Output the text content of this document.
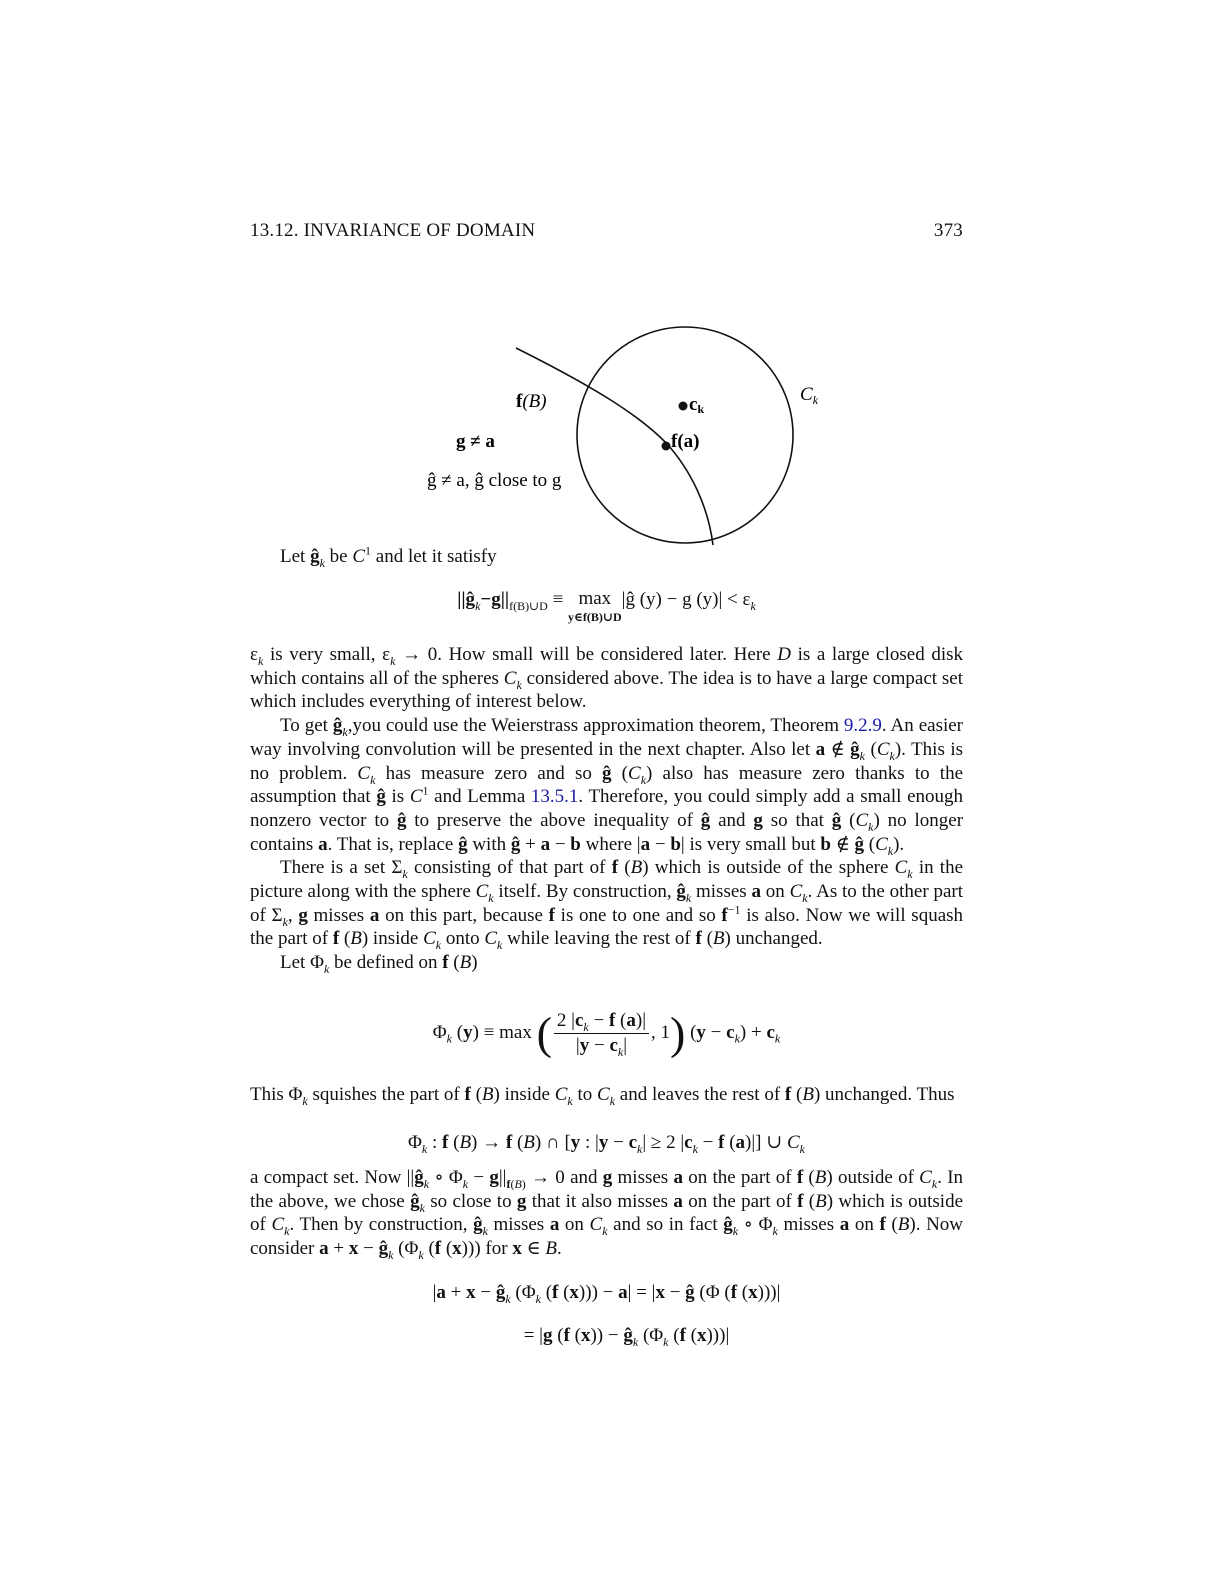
13.12. INVARIANCE OF DOMAIN	373
$C_k$
ck
f(a)
f(B)
g ≠ a
ĝ ≠ a, ĝ close to g

Let $ĝ_k$ be $C^1$ and let it satisfy

$||ĝ_k-g||_{f(B)\cup D} \equiv \max$
y∈f(B)∪D
|ĝ (y) − g $(y)| < \varepsilon_k$

$\varepsilon_k$ is very small, $\varepsilon_k \to 0$. How small will be considered later. Here D is a large closed disk which contains all of the spheres $C_k$ considered above. The idea is to have a large compact set which includes everything of interest below.

To get $ĝ_k,you$ could use the Weierstrass approximation theorem, Theorem 9.2.9. An easier way involving convolution will be presented in the next chapter. Also let a ∉ $ĝ_k$ $(C_k)$. This is no problem. $C_k$ has measure zero and so ĝ $(C_k)$ also has measure zero thanks to the assumption that ĝ is $C^1$ and Lemma 13.5.1. Therefore, you could simply add a small enough nonzero vector to ĝ to preserve the above inequality of ĝ and g so that ĝ $(C_k)$ no longer contains a. That is, replace ĝ with ĝ + a − b where |a − b| is very small but b ∉ ĝ $(C_k)$.

There is a set $\Sigma_k$ consisting of that part of f (B) which is outside of the sphere $C_k$ in the picture along with the sphere $C_k$ itself. By construction, $ĝ_k$ misses a on $C_k$. As to the other part of $\Sigma_k$, g misses a on this part, because f is one to one and so $f^{-1}$ is also. Now we will squash the part of f (B) inside $C_k$ onto $C_k$ while leaving the rest of f (B) unchanged.

Let $\Phi_k$ be defined on f (B)

$\Phi_k$ (y) ≡ max ( $\frac{2 |c_k - f (a)|}{|y - c_k|}$ , 1) $(y - c_k) + c_k$

This $\Phi_k$ squishes the part of f (B) inside $C_k$ to $C_k$ and leaves the rest of f (B) unchanged. Thus

$\Phi_k$ : f (B) → f (B) ∩ [y : $|y - c_k| \ge 2$ $|c_k - f$ (a)|] ∪ $C_k$

a compact set. Now $||ĝ_k$ ∘ $\Phi_k - g||_{f(B)} \to 0$ and g misses a on the part of f (B) outside of $C_k$. In the above, we chose $ĝ_k$ so close to g that it also misses a on the part of f (B) which is outside of $C_k$. Then by construction, $ĝ_k$ misses a on $C_k$ and so in fact $ĝ_k$ ∘ $\Phi_k$ misses a on f (B). Now consider $a + x - ĝ_k$ ($\Phi_k$ (f (x))) for x ∈ B.

$|a + x - ĝ_k$ ($\Phi_k$ (f (x))) − a| = |x − ĝ (Φ (f (x)))|
= |g (f $(x)) - ĝ_k$ ($\Phi_k$ (f (x)))|
